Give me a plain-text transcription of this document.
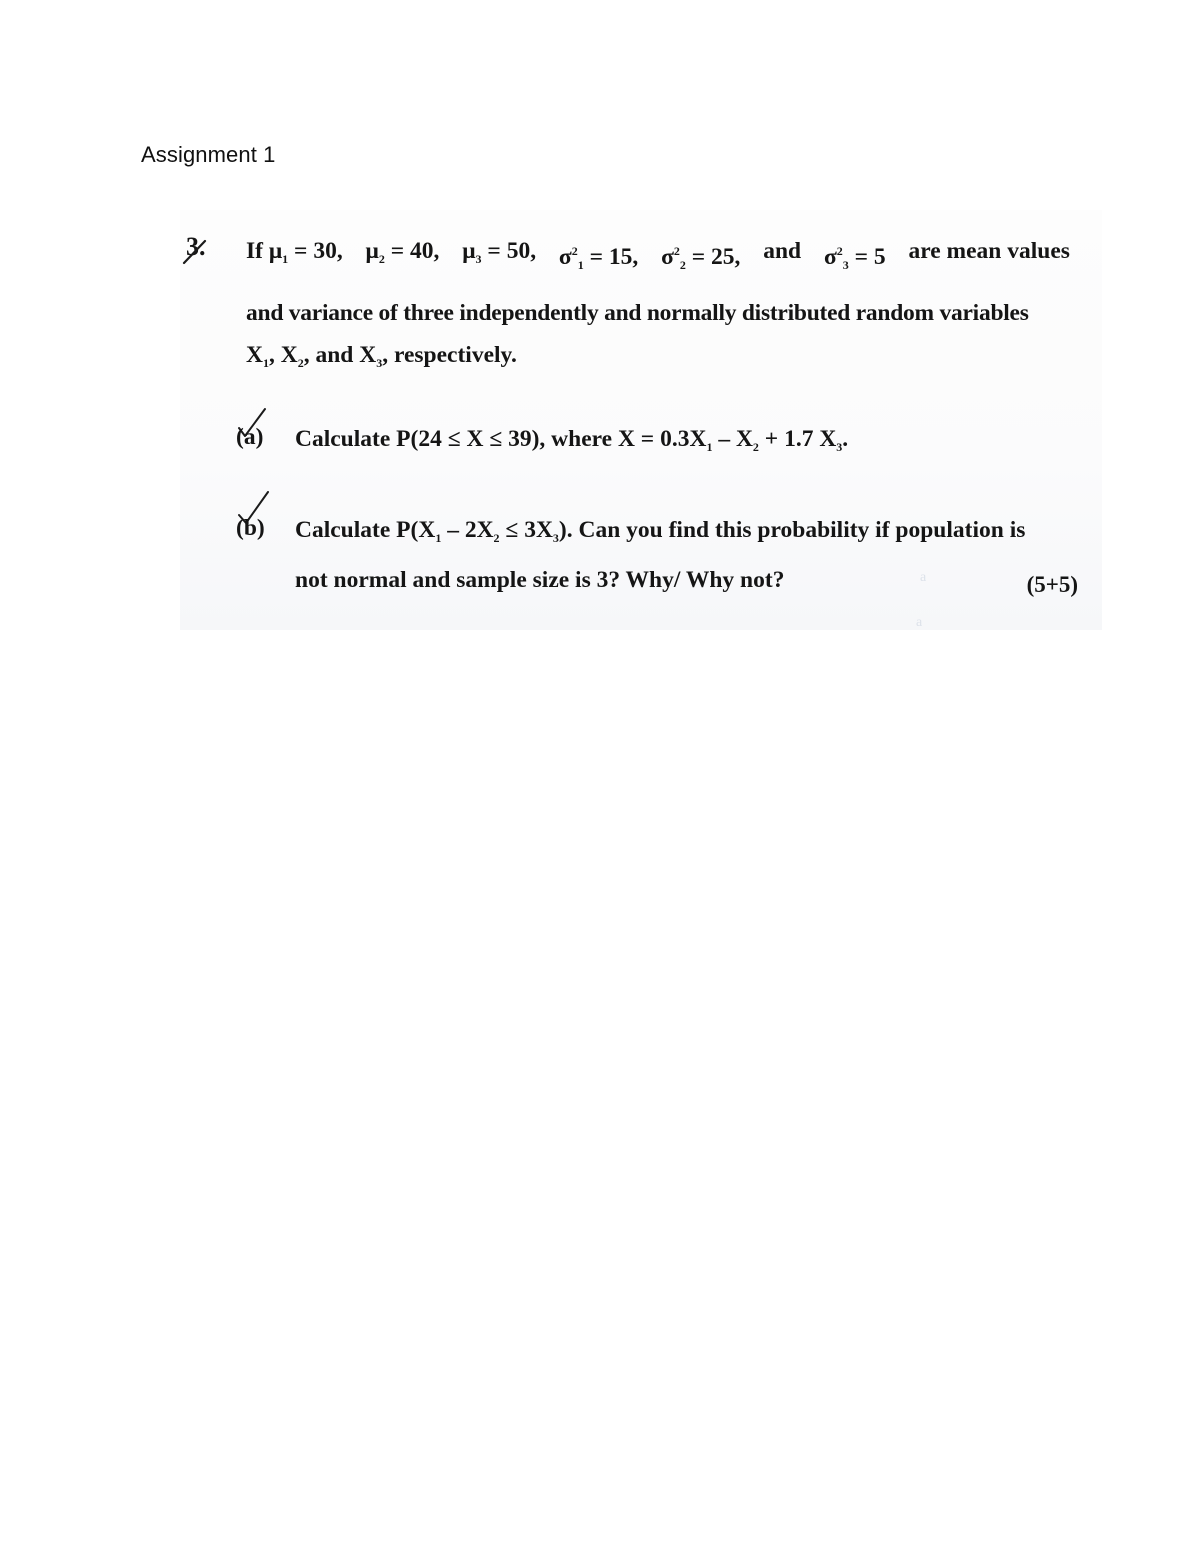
Assignment 1
a
a
3. If $\mu_1 = 30$, $\mu_2 = 40$, $\mu_3 = 50$, $\sigma^2_1 = 15$, $\sigma^2_2 = 25$, and $\sigma^2_3 = 5$ are mean values
and variance of three independently and normally distributed random variables
$X_1$, $X_2$, and $X_3$, respectively.
(a) Calculate P(24 ≤ X ≤ 39), where $X = 0.3X_1 - X_2 + 1.7$ $X_3$.
(b) Calculate $P(X_1 - 2X_2 \le 3X_3)$. Can you find this probability if population is
not normal and sample size is 3? Why/ Why not?	(5+5)
